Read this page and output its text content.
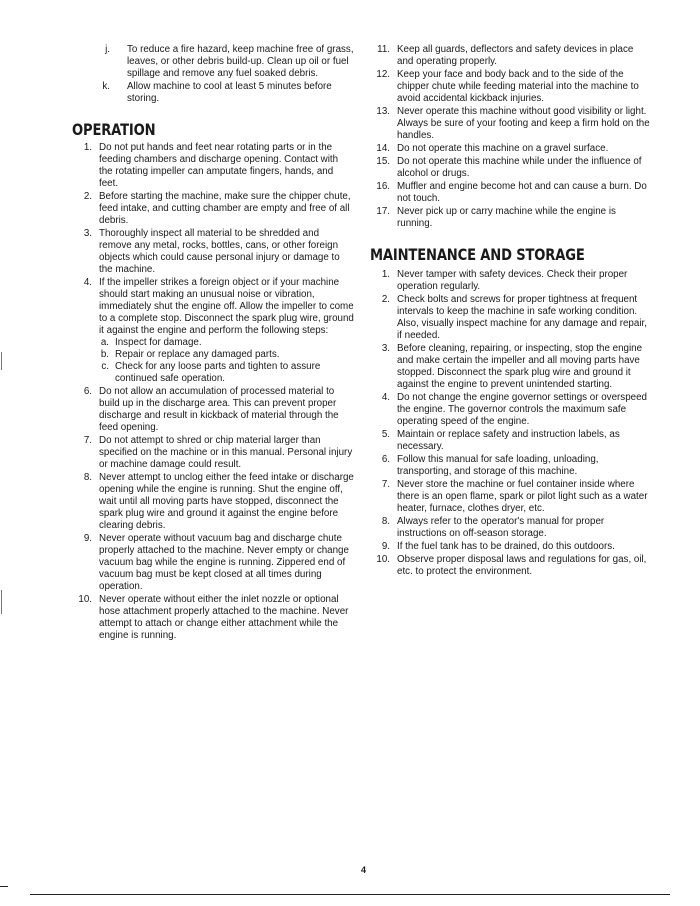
j. To reduce a fire hazard, keep machine free of grass, leaves, or other debris build-up. Clean up oil or fuel spillage and remove any fuel soaked debris.
k. Allow machine to cool at least 5 minutes before storing.
OPERATION
1. Do not put hands and feet near rotating parts or in the feeding chambers and discharge opening. Contact with the rotating impeller can amputate fingers, hands, and feet.
2. Before starting the machine, make sure the chipper chute, feed intake, and cutting chamber are empty and free of all debris.
3. Thoroughly inspect all material to be shredded and remove any metal, rocks, bottles, cans, or other foreign objects which could cause personal injury or damage to the machine.
4. If the impeller strikes a foreign object or if your machine should start making an unusual noise or vibration, immediately shut the engine off. Allow the impeller to come to a complete stop. Disconnect the spark plug wire, ground it against the engine and perform the following steps:
a. Inspect for damage.
b. Repair or replace any damaged parts.
c. Check for any loose parts and tighten to assure continued safe operation.
6. Do not allow an accumulation of processed material to build up in the discharge area. This can prevent proper discharge and result in kickback of material through the feed opening.
7. Do not attempt to shred or chip material larger than specified on the machine or in this manual. Personal injury or machine damage could result.
8. Never attempt to unclog either the feed intake or discharge opening while the engine is running. Shut the engine off, wait until all moving parts have stopped, disconnect the spark plug wire and ground it against the engine before clearing debris.
9. Never operate without vacuum bag and discharge chute properly attached to the machine. Never empty or change vacuum bag while the engine is running. Zippered end of vacuum bag must be kept closed at all times during operation.
10. Never operate without either the inlet nozzle or optional hose attachment properly attached to the machine. Never attempt to attach or change either attachment while the engine is running.
11. Keep all guards, deflectors and safety devices in place and operating properly.
12. Keep your face and body back and to the side of the chipper chute while feeding material into the machine to avoid accidental kickback injuries.
13. Never operate this machine without good visibility or light. Always be sure of your footing and keep a firm hold on the handles.
14. Do not operate this machine on a gravel surface.
15. Do not operate this machine while under the influence of alcohol or drugs.
16. Muffler and engine become hot and can cause a burn. Do not touch.
17. Never pick up or carry machine while the engine is running.
MAINTENANCE AND STORAGE
1. Never tamper with safety devices. Check their proper operation regularly.
2. Check bolts and screws for proper tightness at frequent intervals to keep the machine in safe working condition. Also, visually inspect machine for any damage and repair, if needed.
3. Before cleaning, repairing, or inspecting, stop the engine and make certain the impeller and all moving parts have stopped. Disconnect the spark plug wire and ground it against the engine to prevent unintended starting.
4. Do not change the engine governor settings or overspeed the engine. The governor controls the maximum safe operating speed of the engine.
5. Maintain or replace safety and instruction labels, as necessary.
6. Follow this manual for safe loading, unloading, transporting, and storage of this machine.
7. Never store the machine or fuel container inside where there is an open flame, spark or pilot light such as a water heater, furnace, clothes dryer, etc.
8. Always refer to the operator's manual for proper instructions on off-season storage.
9. If the fuel tank has to be drained, do this outdoors.
10. Observe proper disposal laws and regulations for gas, oil, etc. to protect the environment.
4
